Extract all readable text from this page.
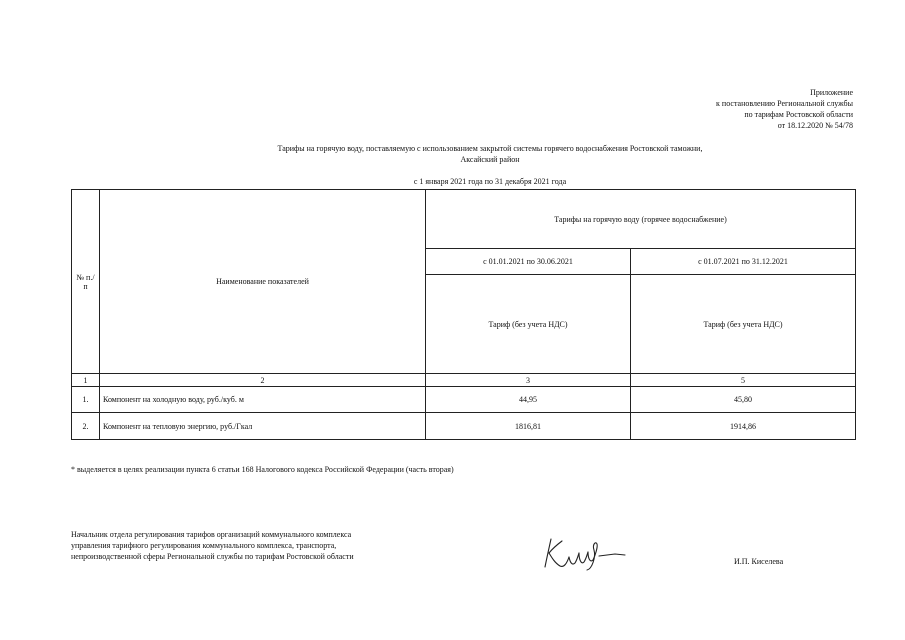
Приложение
к постановлению Региональной службы
по тарифам Ростовской области
от 18.12.2020 № 54/78
Тарифы на горячую воду, поставляемую с использованием закрытой системы горячего водоснабжения Ростовской таможни,
Аксайский район
с 1 января 2021 года по 31 декабря 2021 года
№ п./п	Наименование показателей	Тарифы на горячую воду (горячее водоснабжение)	
		с 01.01.2021 по 30.06.2021	с 01.07.2021 по 31.12.2021
		Тариф (без учета НДС)	Тариф (без учета НДС)
1	2	3	5
1.	Компонент на холодную воду, руб./куб. м	44,95	45,80
2.	Компонент на тепловую энергию, руб./Гкал	1816,81	1914,86
* выделяется в целях реализации пункта 6 статьи 168 Налогового кодекса Российской Федерации (часть вторая)
Начальник отдела регулирования тарифов организаций коммунального комплекса
управления тарифного регулирования коммунального комплекса, транспорта,
непроизводственной сферы Региональной службы по тарифам Ростовской области
И.П. Киселева
